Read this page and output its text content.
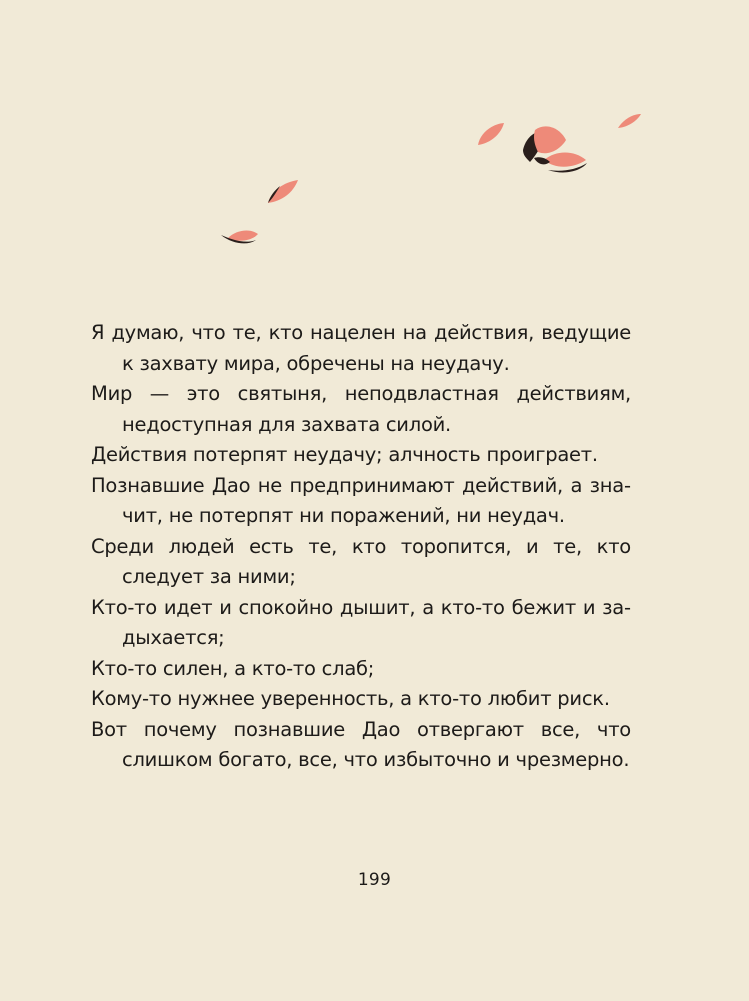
Я думаю, что те, кто нацелен на действия, ведущие к захвату мира, обречены на неудачу.

Мир — это святыня, неподвластная действиям, недоступная для захвата силой.

Действия потерпят неудачу; алчность проиграет.

Познавшие Дао не предпринимают действий, а значит, не потерпят ни поражений, ни неудач.

Среди людей есть те, кто торопится, и те, кто следует за ними;

Кто-то идет и спокойно дышит, а кто-то бежит и задыхается;

Кто-то силен, а кто-то слаб;

Кому-то нужнее уверенность, а кто-то любит риск.

Вот почему познавшие Дао отвергают все, что слишком богато, все, что избыточно и чрезмерно.

199
